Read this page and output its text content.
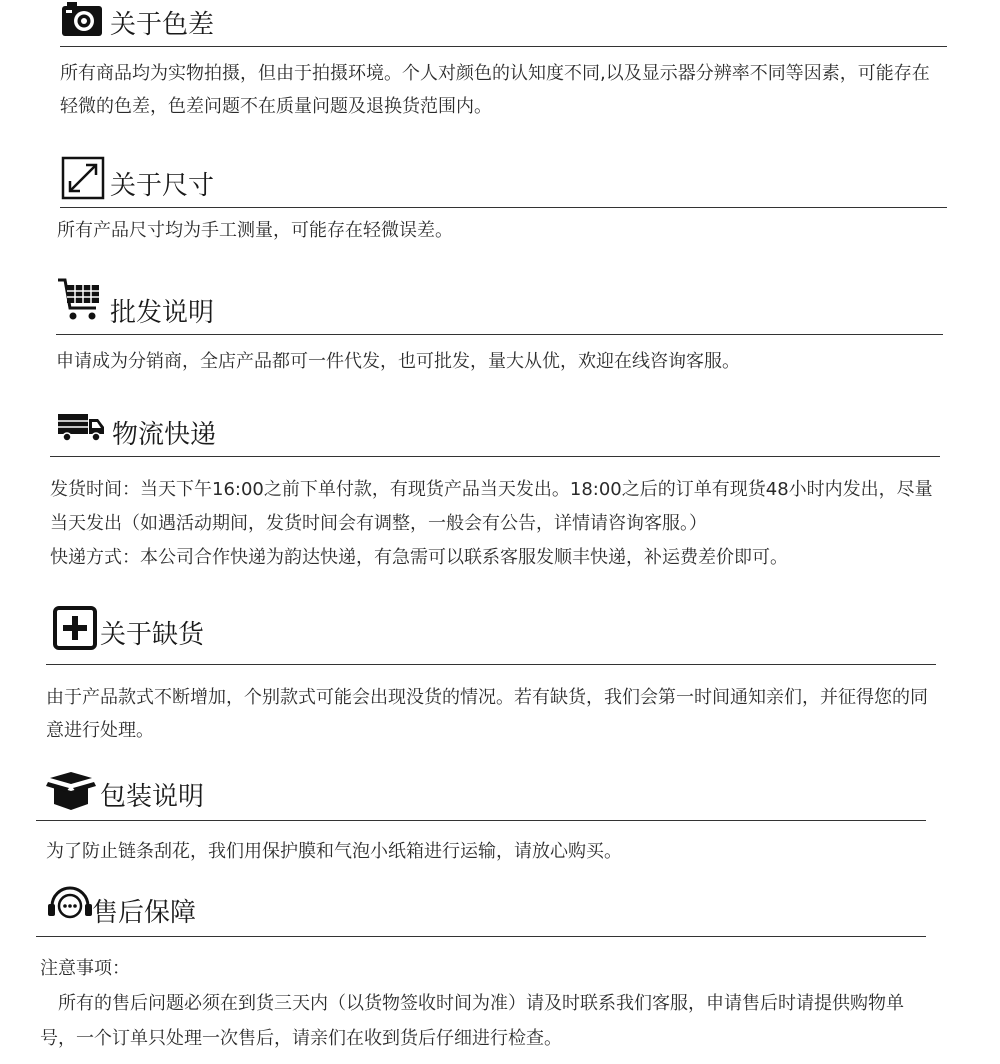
关于色差

所有商品均为实物拍摄，但由于拍摄环境。个人对颜色的认知度不同,以及显示器分辨率不同等因素，可能存在轻微的色差，色差问题不在质量问题及退换货范围内。

关于尺寸

所有产品尺寸均为手工测量，可能存在轻微误差。

批发说明

申请成为分销商，全店产品都可一件代发，也可批发，量大从优，欢迎在线咨询客服。

物流快递

发货时间：当天下午16:00之前下单付款，有现货产品当天发出。18:00之后的订单有现货48小时内发出，尽量当天发出（如遇活动期间，发货时间会有调整，一般会有公告，详情请咨询客服。）

快递方式：本公司合作快递为韵达快递，有急需可以联系客服发顺丰快递，补运费差价即可。

关于缺货

由于产品款式不断增加，个别款式可能会出现没货的情况。若有缺货，我们会第一时间通知亲们，并征得您的同意进行处理。

包装说明

为了防止链条刮花，我们用保护膜和气泡小纸箱进行运输，请放心购买。

售后保障

注意事项：

所有的售后问题必须在到货三天内（以货物签收时间为准）请及时联系我们客服，申请售后时请提供购物单号，一个订单只处理一次售后，请亲们在收到货后仔细进行检查。
